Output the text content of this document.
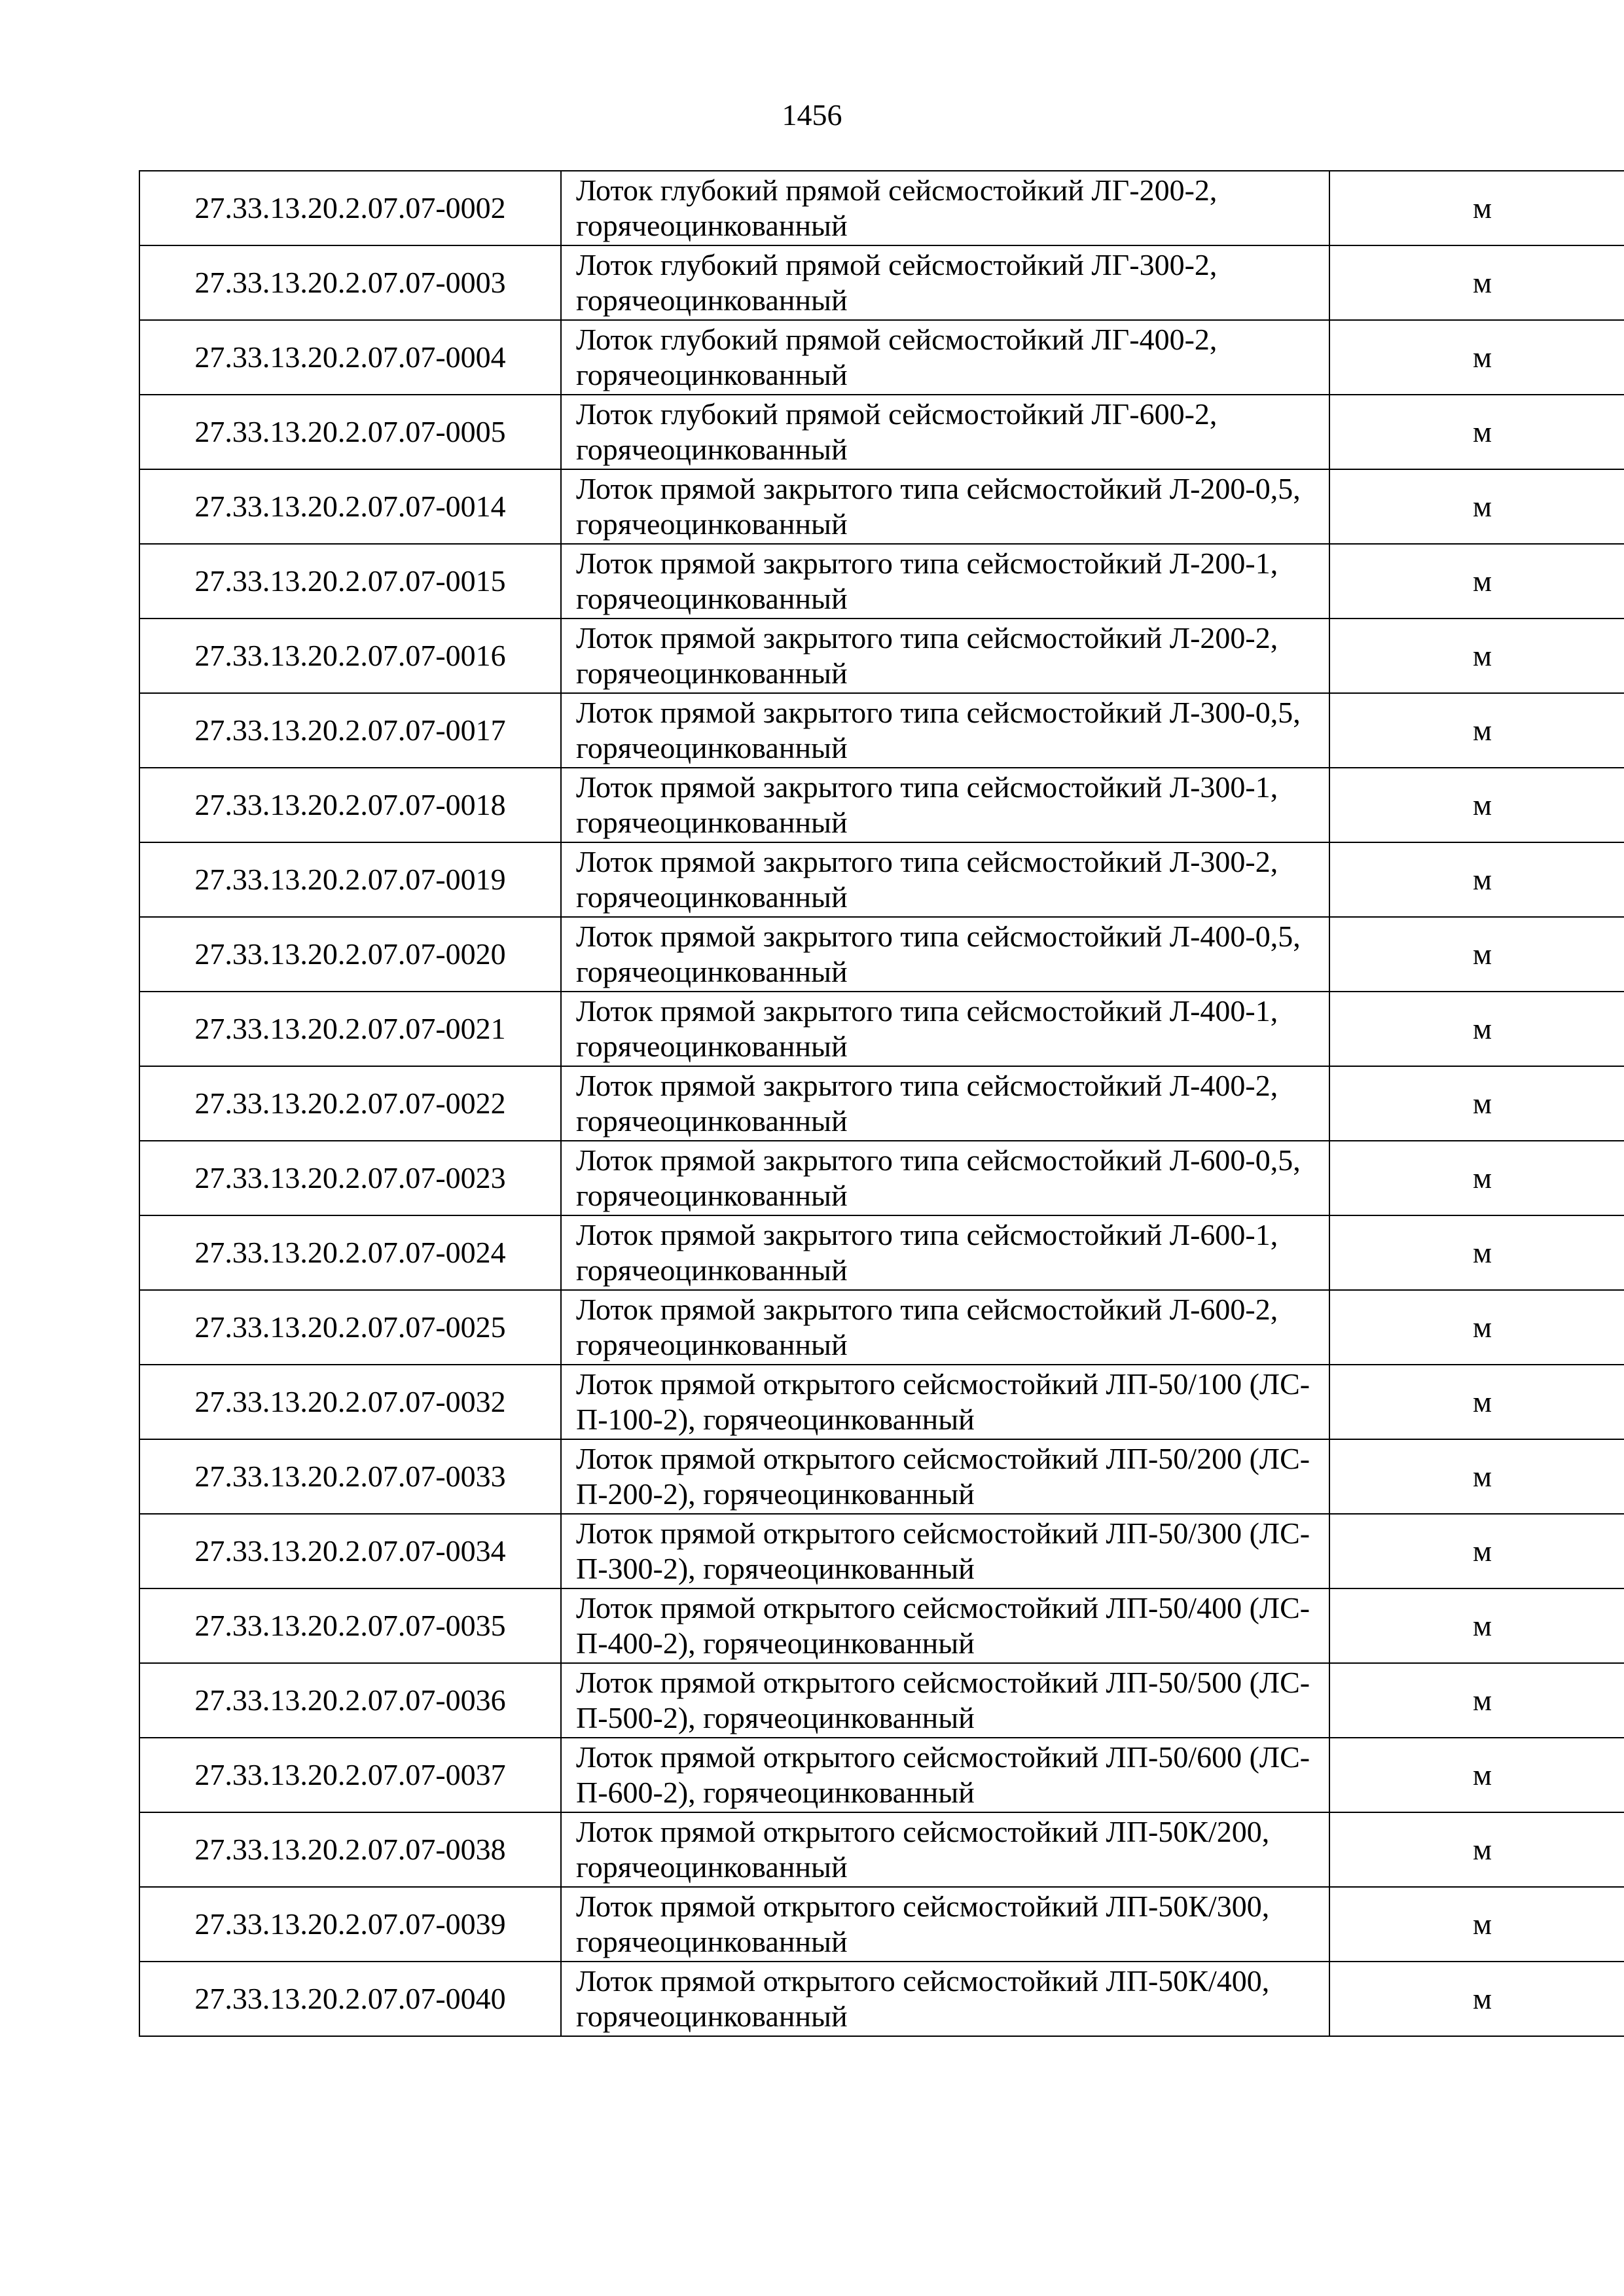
1456
27.33.13.20.2.07.07-0002	Лоток глубокий прямой сейсмостойкий ЛГ-200-2, горячеоцинкованный	м
27.33.13.20.2.07.07-0003	Лоток глубокий прямой сейсмостойкий ЛГ-300-2, горячеоцинкованный	м
27.33.13.20.2.07.07-0004	Лоток глубокий прямой сейсмостойкий ЛГ-400-2, горячеоцинкованный	м
27.33.13.20.2.07.07-0005	Лоток глубокий прямой сейсмостойкий ЛГ-600-2, горячеоцинкованный	м
27.33.13.20.2.07.07-0014	Лоток прямой закрытого типа сейсмостойкий Л-200-0,5, горячеоцинкованный	м
27.33.13.20.2.07.07-0015	Лоток прямой закрытого типа сейсмостойкий Л-200-1, горячеоцинкованный	м
27.33.13.20.2.07.07-0016	Лоток прямой закрытого типа сейсмостойкий Л-200-2, горячеоцинкованный	м
27.33.13.20.2.07.07-0017	Лоток прямой закрытого типа сейсмостойкий Л-300-0,5, горячеоцинкованный	м
27.33.13.20.2.07.07-0018	Лоток прямой закрытого типа сейсмостойкий Л-300-1, горячеоцинкованный	м
27.33.13.20.2.07.07-0019	Лоток прямой закрытого типа сейсмостойкий Л-300-2, горячеоцинкованный	м
27.33.13.20.2.07.07-0020	Лоток прямой закрытого типа сейсмостойкий Л-400-0,5, горячеоцинкованный	м
27.33.13.20.2.07.07-0021	Лоток прямой закрытого типа сейсмостойкий Л-400-1, горячеоцинкованный	м
27.33.13.20.2.07.07-0022	Лоток прямой закрытого типа сейсмостойкий Л-400-2, горячеоцинкованный	м
27.33.13.20.2.07.07-0023	Лоток прямой закрытого типа сейсмостойкий Л-600-0,5, горячеоцинкованный	м
27.33.13.20.2.07.07-0024	Лоток прямой закрытого типа сейсмостойкий Л-600-1, горячеоцинкованный	м
27.33.13.20.2.07.07-0025	Лоток прямой закрытого типа сейсмостойкий Л-600-2, горячеоцинкованный	м
27.33.13.20.2.07.07-0032	Лоток прямой открытого сейсмостойкий ЛП-50/100 (ЛС- П-100-2), горячеоцинкованный	м
27.33.13.20.2.07.07-0033	Лоток прямой открытого сейсмостойкий ЛП-50/200 (ЛС- П-200-2), горячеоцинкованный	м
27.33.13.20.2.07.07-0034	Лоток прямой открытого сейсмостойкий ЛП-50/300 (ЛС- П-300-2), горячеоцинкованный	м
27.33.13.20.2.07.07-0035	Лоток прямой открытого сейсмостойкий ЛП-50/400 (ЛС- П-400-2), горячеоцинкованный	м
27.33.13.20.2.07.07-0036	Лоток прямой открытого сейсмостойкий ЛП-50/500 (ЛС- П-500-2), горячеоцинкованный	м
27.33.13.20.2.07.07-0037	Лоток прямой открытого сейсмостойкий ЛП-50/600 (ЛС- П-600-2), горячеоцинкованный	м
27.33.13.20.2.07.07-0038	Лоток прямой открытого сейсмостойкий ЛП-50К/200, горячеоцинкованный	м
27.33.13.20.2.07.07-0039	Лоток прямой открытого сейсмостойкий ЛП-50К/300, горячеоцинкованный	м
27.33.13.20.2.07.07-0040	Лоток прямой открытого сейсмостойкий ЛП-50К/400, горячеоцинкованный	м
